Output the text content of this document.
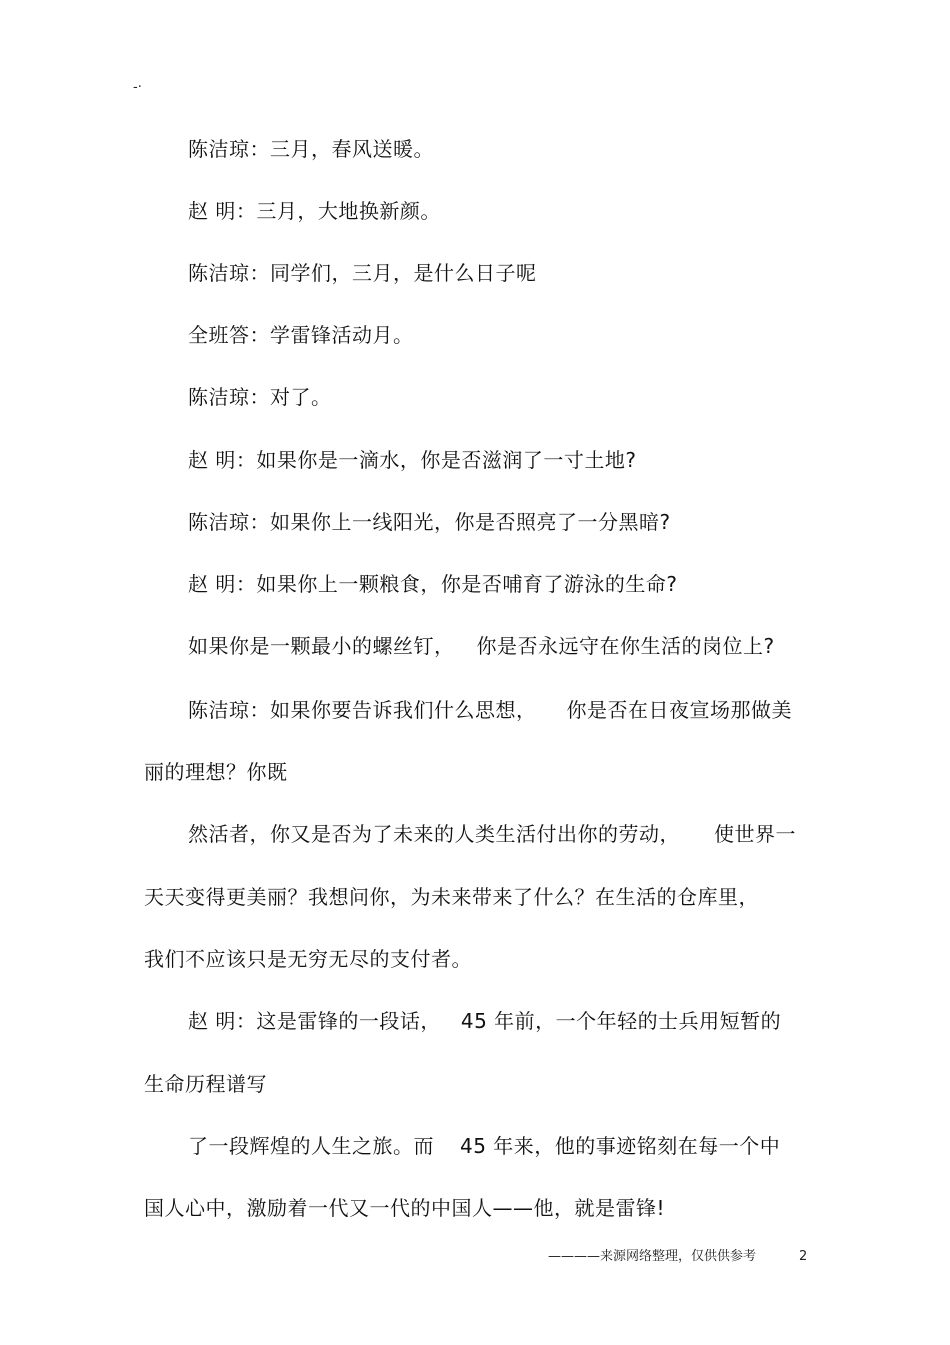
-·
陈洁琼：三月，春风送暖。
赵 明：三月，大地换新颜。
陈洁琼：同学们，三月，是什么日子呢
全班答：学雷锋活动月。
陈洁琼：对了。
赵 明：如果你是一滴水，你是否滋润了一寸土地?
陈洁琼：如果你上一线阳光，你是否照亮了一分黑暗?
赵 明：如果你上一颗粮食，你是否哺育了游泳的生命?
如果你是一颗最小的螺丝钉， 你是否永远守在你生活的岗位上?
陈洁琼：如果你要告诉我们什么思想， 你是否在日夜宣场那做美
丽的理想？你既
然活者，你又是否为了未来的人类生活付出你的劳动， 使世界一
天天变得更美丽？我想问你，为未来带来了什么？在生活的仓库里，
我们不应该只是无穷无尽的支付者。
赵 明：这是雷锋的一段话， 45 年前，一个年轻的士兵用短暂的
生命历程谱写
了一段辉煌的人生之旅。而 45 年来，他的事迹铭刻在每一个中
国人心中，激励着一代又一代的中国人——他，就是雷锋!
————来源网络整理，仅供供参考	2
